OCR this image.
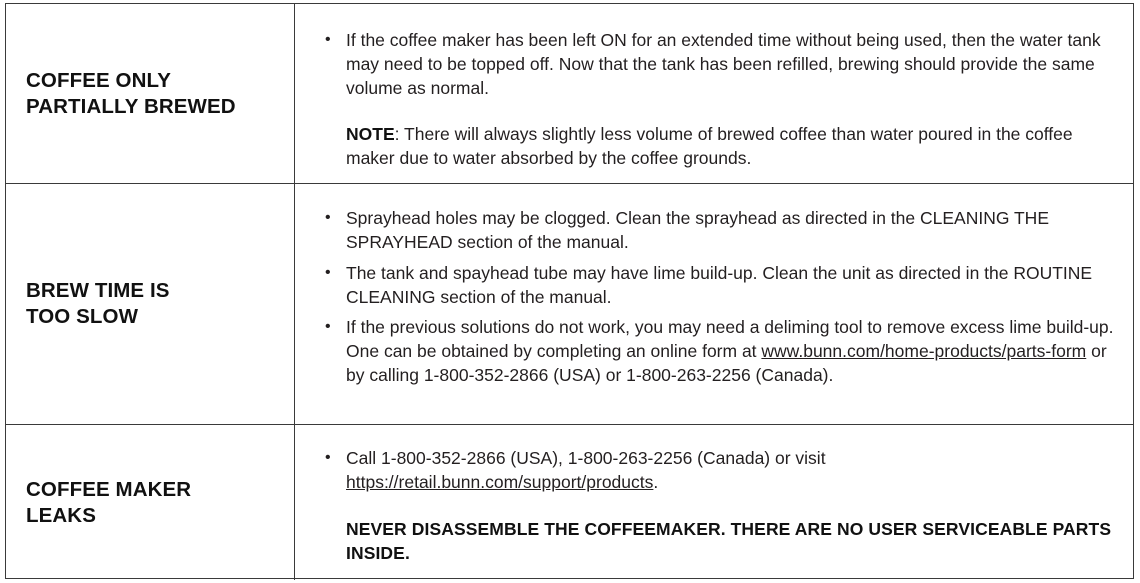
COFFEE ONLY
PARTIALLY BREWED
• If the coffee maker has been left ON for an extended time without being used, then the water tank may need to be topped off. Now that the tank has been refilled, brewing should provide the same volume as normal.
NOTE: There will always slightly less volume of brewed coffee than water poured in the coffee maker due to water absorbed by the coffee grounds.
BREW TIME IS
TOO SLOW
• Sprayhead holes may be clogged. Clean the sprayhead as directed in the CLEANING THE SPRAYHEAD section of the manual.
• The tank and spayhead tube may have lime build-up. Clean the unit as directed in the ROUTINE CLEANING section of the manual.
• If the previous solutions do not work, you may need a deliming tool to remove excess lime build-up. One can be obtained by completing an online form at www.bunn.com/home-products/parts-form or by calling 1-800-352-2866 (USA) or 1-800-263-2256 (Canada).
COFFEE MAKER
LEAKS
• Call 1-800-352-2866 (USA), 1-800-263-2256 (Canada) or visit https://retail.bunn.com/support/products.
NEVER DISASSEMBLE THE COFFEEMAKER. THERE ARE NO USER SERVICEABLE PARTS INSIDE.
